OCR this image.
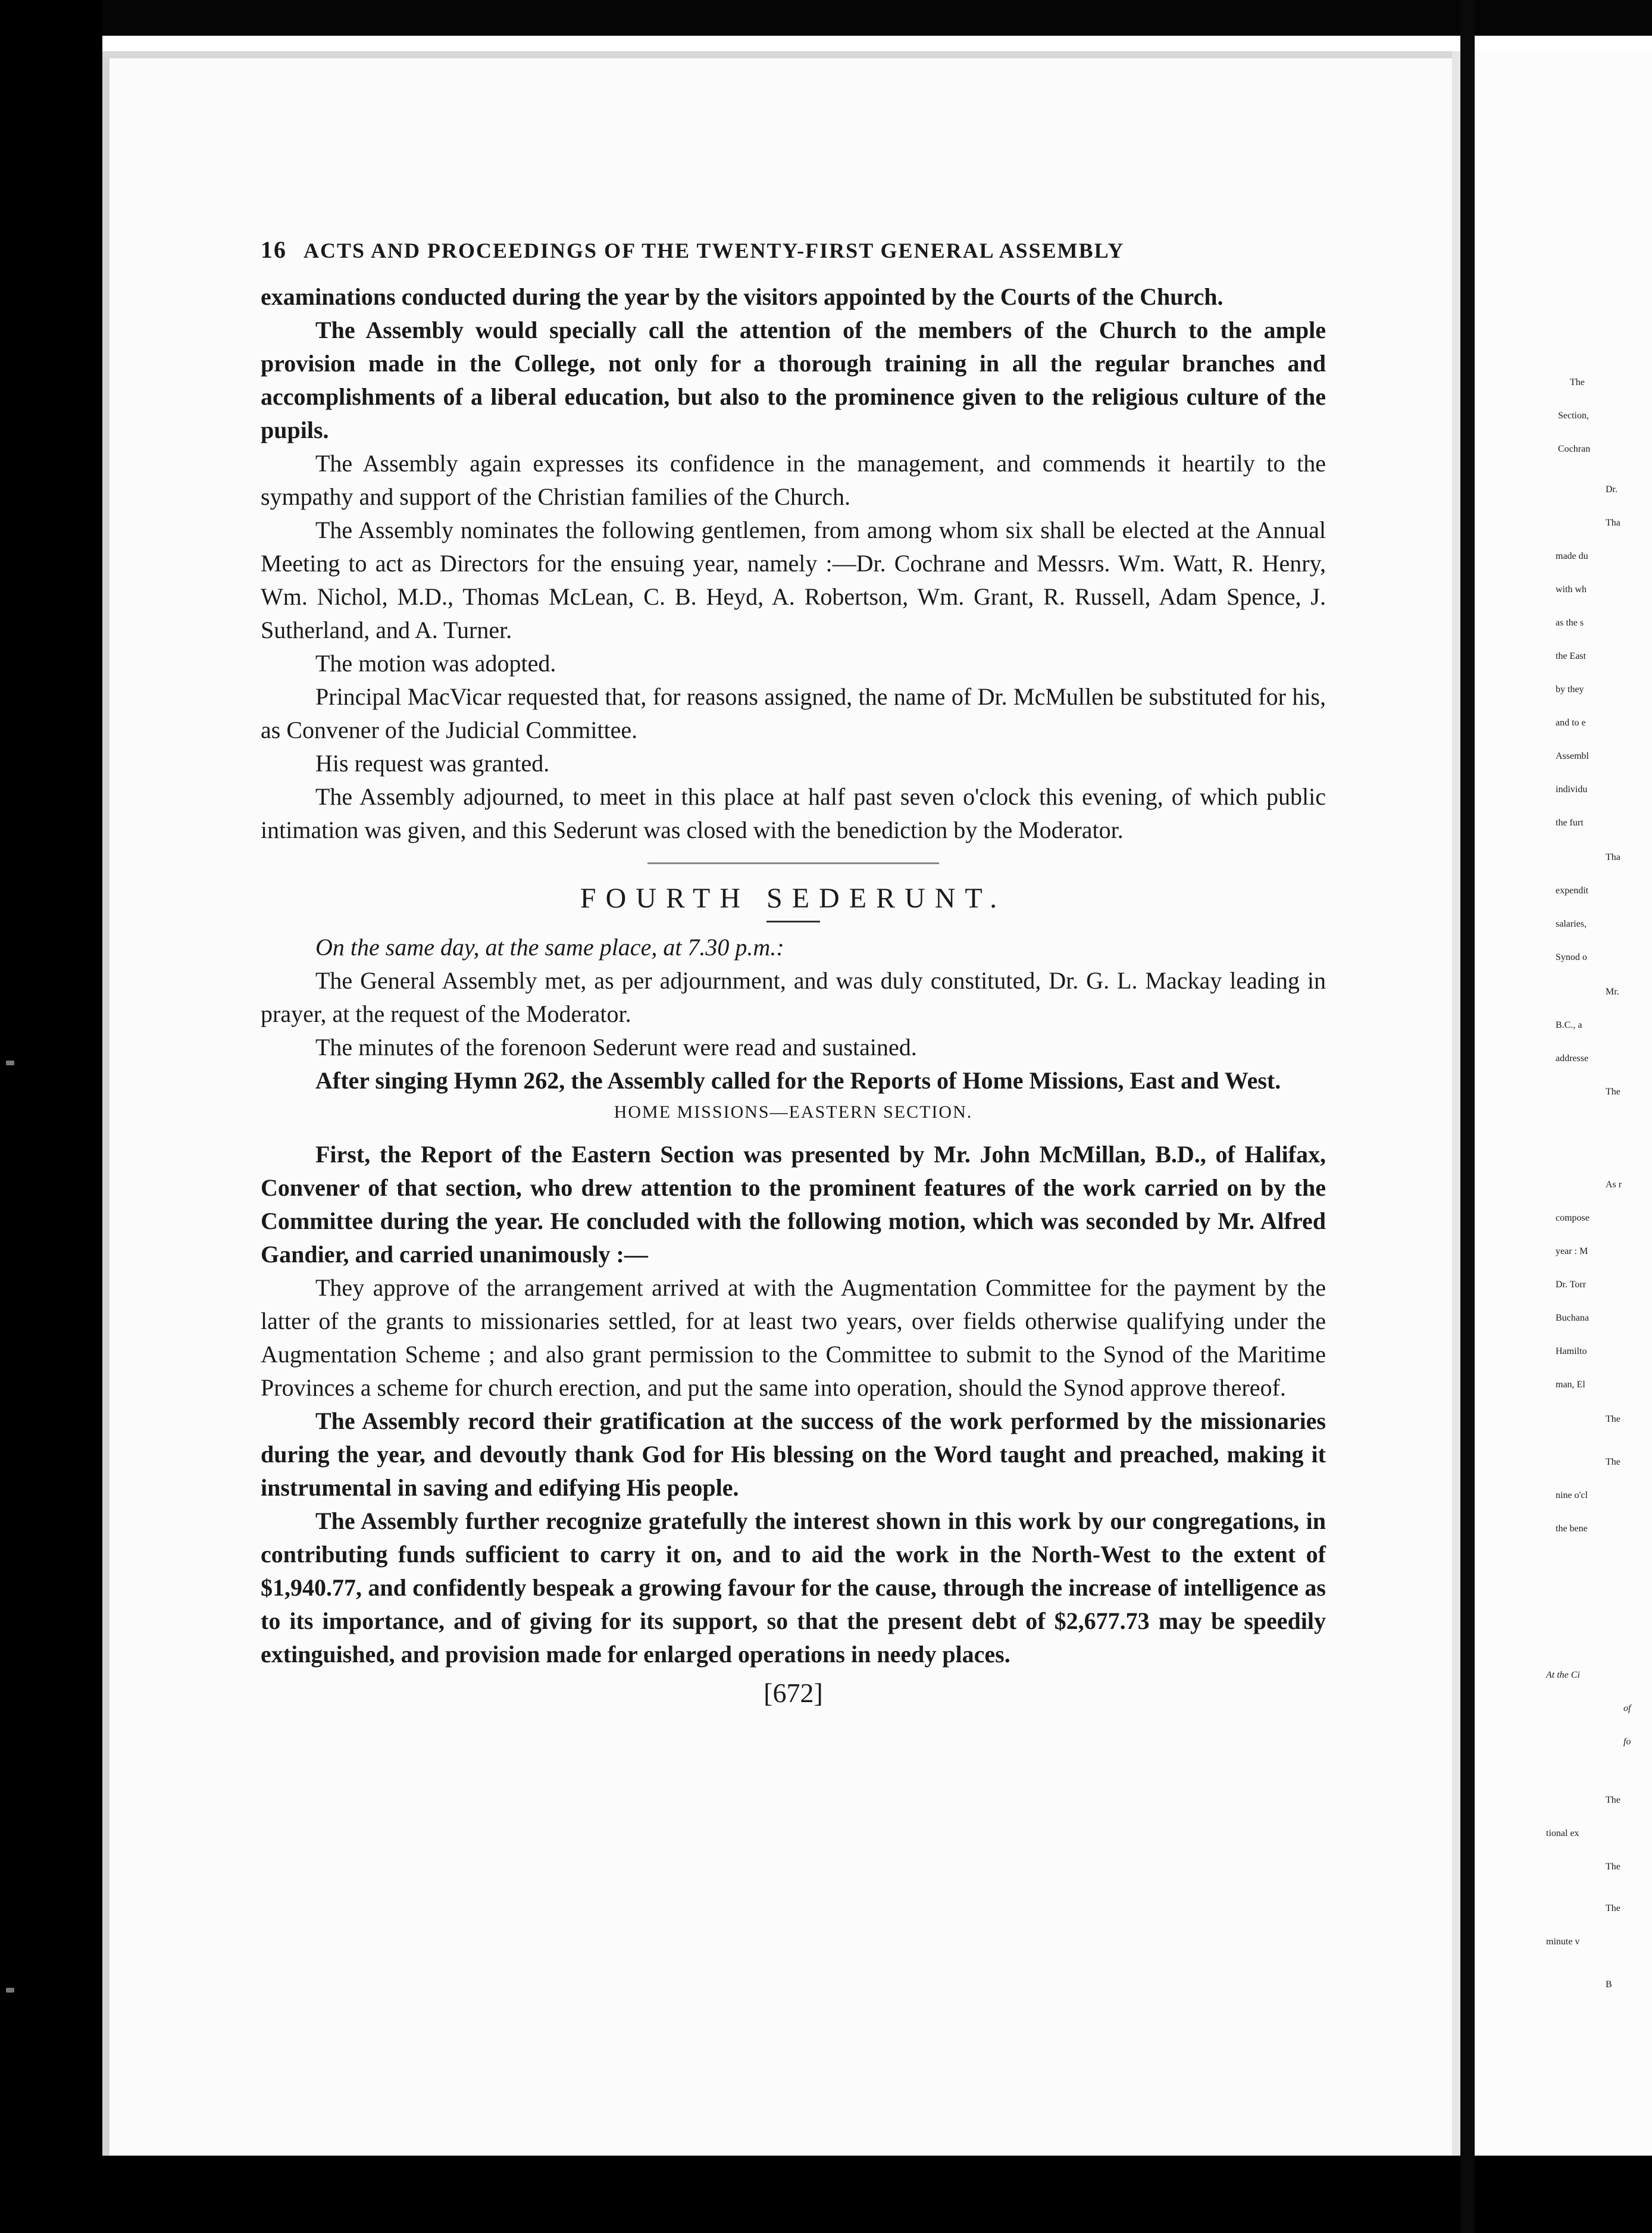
16 ACTS AND PROCEEDINGS OF THE TWENTY-FIRST GENERAL ASSEMBLY

examinations conducted during the year by the visitors appointed by the Courts of the Church.

The Assembly would specially call the attention of the members of the Church to the ample provision made in the College, not only for a thorough training in all the regular branches and accomplishments of a liberal education, but also to the prominence given to the religious culture of the pupils.

The Assembly again expresses its confidence in the management, and commends it heartily to the sympathy and support of the Christian families of the Church.

The Assembly nominates the following gentlemen, from among whom six shall be elected at the Annual Meeting to act as Directors for the ensuing year, namely :—Dr. Cochrane and Messrs. Wm. Watt, R. Henry, Wm. Nichol, M.D., Thomas McLean, C. B. Heyd, A. Robertson, Wm. Grant, R. Russell, Adam Spence, J. Sutherland, and A. Turner.

The motion was adopted.

Principal MacVicar requested that, for reasons assigned, the name of Dr. McMullen be substituted for his, as Convener of the Judicial Committee.

His request was granted.

The Assembly adjourned, to meet in this place at half past seven o'clock this evening, of which public intimation was given, and this Sederunt was closed with the benediction by the Moderator.

FOURTH SEDERUNT.

On the same day, at the same place, at 7.30 p.m.:

The General Assembly met, as per adjournment, and was duly constituted, Dr. G. L. Mackay leading in prayer, at the request of the Moderator.

The minutes of the forenoon Sederunt were read and sustained.

After singing Hymn 262, the Assembly called for the Reports of Home Missions, East and West.

HOME MISSIONS—EASTERN SECTION.

First, the Report of the Eastern Section was presented by Mr. John McMillan, B.D., of Halifax, Convener of that section, who drew attention to the prominent features of the work carried on by the Committee during the year. He concluded with the following motion, which was seconded by Mr. Alfred Gandier, and carried unanimously :—

They approve of the arrangement arrived at with the Augmentation Committee for the payment by the latter of the grants to missionaries settled, for at least two years, over fields otherwise qualifying under the Augmentation Scheme ; and also grant permission to the Committee to submit to the Synod of the Maritime Provinces a scheme for church erection, and put the same into operation, should the Synod approve thereof.

The Assembly record their gratification at the success of the work performed by the missionaries during the year, and devoutly thank God for His blessing on the Word taught and preached, making it instrumental in saving and edifying His people.

The Assembly further recognize gratefully the interest shown in this work by our congregations, in contributing funds sufficient to carry it on, and to aid the work in the North-West to the extent of $1,940.77, and confidently bespeak a growing favour for the cause, through the increase of intelligence as to its importance, and of giving for its support, so that the present debt of $2,677.73 may be speedily extinguished, and provision made for enlarged operations in needy places.

[672]
The
Section,
Cochran
Dr.
Tha
made du
with wh
as the s
the East
by they
and to e
Assembl
individu
the furt
Tha
expendit
salaries,
Synod o
Mr.
B.C., a
addresse
The
As r
compose
year : M
Dr. Torr
Buchana
Hamilto
man, El
The
The
nine o'cl
the bene
At the Ci
of
fo
The
tional ex
The
The
minute v
B
